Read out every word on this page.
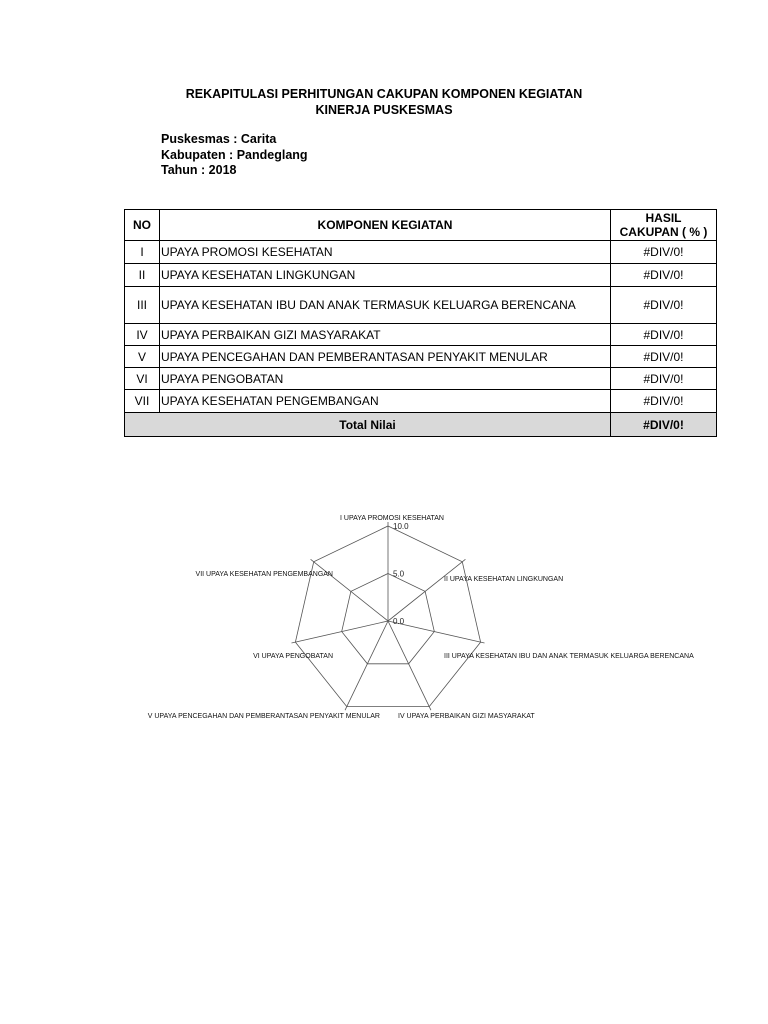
REKAPITULASI PERHITUNGAN CAKUPAN KOMPONEN KEGIATAN
KINERJA PUSKESMAS
Puskesmas : Carita
Kabupaten : Pandeglang
Tahun : 2018
NO	KOMPONEN KEGIATAN	HASIL
CAKUPAN ( % )

I	UPAYA PROMOSI KESEHATAN	#DIV/0!
II	UPAYA KESEHATAN LINGKUNGAN	#DIV/0!
III	UPAYA KESEHATAN IBU DAN ANAK TERMASUK KELUARGA BERENCANA	#DIV/0!
IV	UPAYA PERBAIKAN GIZI MASYARAKAT	#DIV/0!
V	UPAYA PENCEGAHAN DAN PEMBERANTASAN PENYAKIT MENULAR	#DIV/0!
VI	UPAYA PENGOBATAN	#DIV/0!
VII	UPAYA KESEHATAN PENGEMBANGAN	#DIV/0!
Total Nilai		#DIV/0!
0.0
5.0
10.0
I UPAYA PROMOSI KESEHATAN
II UPAYA KESEHATAN LINGKUNGAN
III UPAYA KESEHATAN IBU DAN ANAK TERMASUK KELUARGA BERENCANA
IV UPAYA PERBAIKAN GIZI MASYARAKAT
V UPAYA PENCEGAHAN DAN PEMBERANTASAN PENYAKIT MENULAR
VI UPAYA PENGOBATAN
VII UPAYA KESEHATAN PENGEMBANGAN
